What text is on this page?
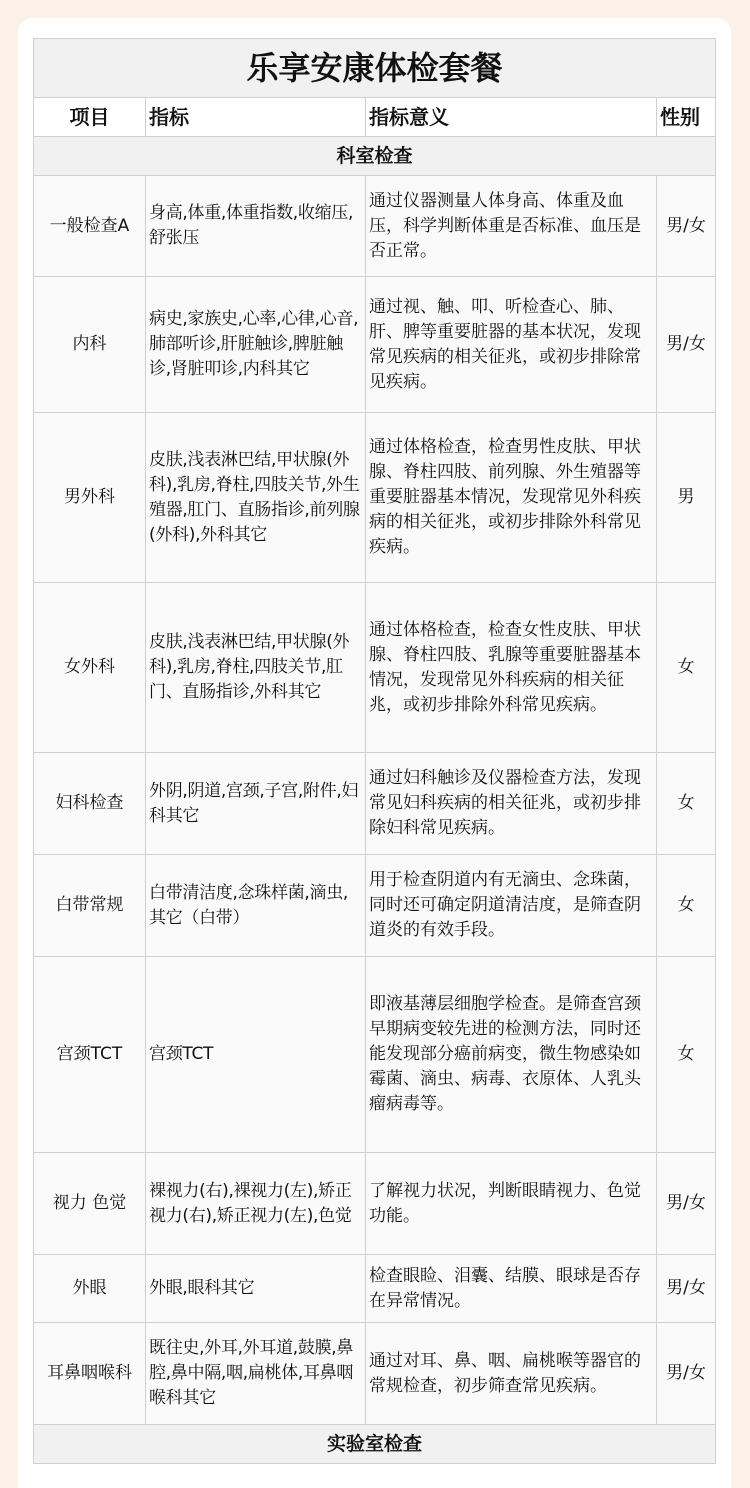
乐享安康体检套餐			
项目	指标	指标意义	性别
科室检查			
一般检查A	身高,体重,体重指数,收缩压,舒张压	通过仪器测量人体身高、体重及血压，科学判断体重是否标准、血压是否正常。	男/女
内科	病史,家族史,心率,心律,心音,肺部听诊,肝脏触诊,脾脏触诊,肾脏叩诊,内科其它	通过视、触、叩、听检查心、肺、肝、脾等重要脏器的基本状况，发现常见疾病的相关征兆，或初步排除常见疾病。	男/女
男外科	皮肤,浅表淋巴结,甲状腺(外科),乳房,脊柱,四肢关节,外生殖器,肛门、直肠指诊,前列腺(外科),外科其它	通过体格检查，检查男性皮肤、甲状腺、脊柱四肢、前列腺、外生殖器等重要脏器基本情况，发现常见外科疾病的相关征兆，或初步排除外科常见疾病。	男
女外科	皮肤,浅表淋巴结,甲状腺(外科),乳房,脊柱,四肢关节,肛门、直肠指诊,外科其它	通过体格检查，检查女性皮肤、甲状腺、脊柱四肢、乳腺等重要脏器基本情况，发现常见外科疾病的相关征兆，或初步排除外科常见疾病。	女
妇科检查	外阴,阴道,宫颈,子宫,附件,妇科其它	通过妇科触诊及仪器检查方法，发现常见妇科疾病的相关征兆，或初步排除妇科常见疾病。	女
白带常规	白带清洁度,念珠样菌,滴虫,其它（白带）	用于检查阴道内有无滴虫、念珠菌，同时还可确定阴道清洁度，是筛查阴道炎的有效手段。	女
宫颈TCT	宫颈TCT	即液基薄层细胞学检查。是筛查宫颈早期病变较先进的检测方法，同时还能发现部分癌前病变，微生物感染如霉菌、滴虫、病毒、衣原体、人乳头瘤病毒等。	女
视力 色觉	裸视力(右),裸视力(左),矫正视力(右),矫正视力(左),色觉	了解视力状况，判断眼睛视力、色觉功能。	男/女
外眼	外眼,眼科其它	检查眼睑、泪囊、结膜、眼球是否存在异常情况。	男/女
耳鼻咽喉科	既往史,外耳,外耳道,鼓膜,鼻腔,鼻中隔,咽,扁桃体,耳鼻咽喉科其它	通过对耳、鼻、咽、扁桃喉等器官的常规检查，初步筛查常见疾病。	男/女
实验室检查			
